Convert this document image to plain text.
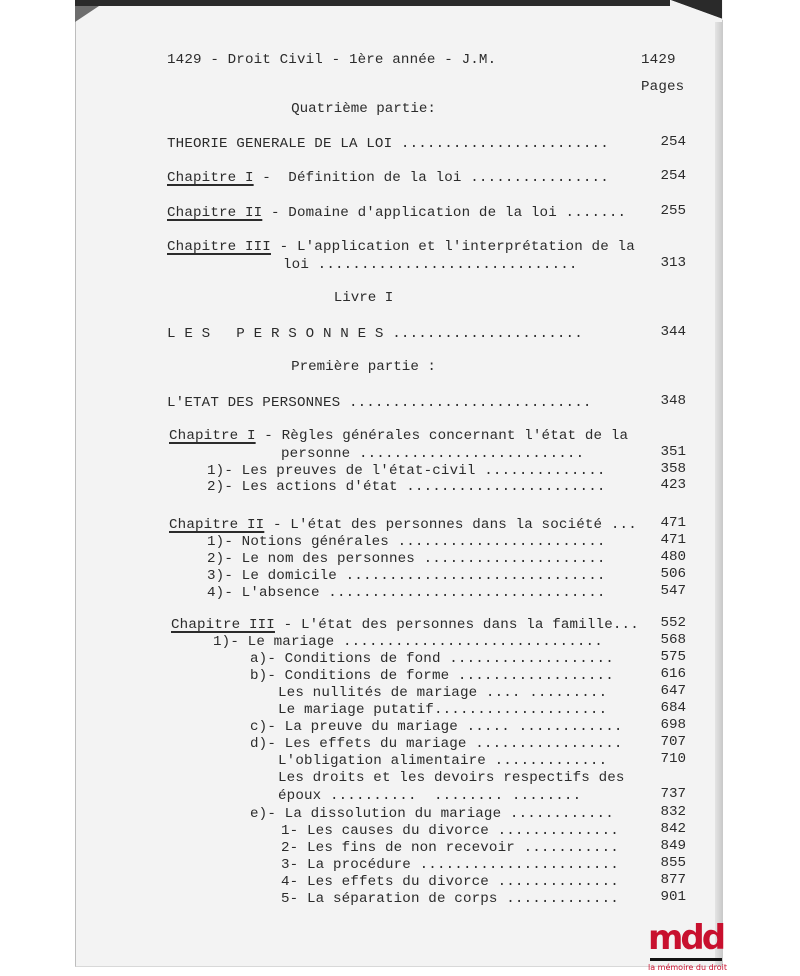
1429 - Droit Civil - 1ère année - J.M.	1429
Pages
Quatrième partie:
THEORIE GENERALE DE LA LOI ........................	254
Chapitre I -  Définition de la loi ................	254
Chapitre II - Domaine d'application de la loi .......	255
Chapitre III - L'application et l'interprétation de la
loi ..............................	313
Livre I
L E S   P E R S O N N E S ......................	344
Première partie :
L'ETAT DES PERSONNES ............................	348
Chapitre I - Règles générales concernant l'état de la
personne ..........................	351
1)- Les preuves de l'état-civil ..............	358
2)- Les actions d'état .......................	423
Chapitre II - L'état des personnes dans la société ...	471
1)- Notions générales ........................	471
2)- Le nom des personnes .....................	480
3)- Le domicile ..............................	506
4)- L'absence ................................	547
Chapitre III - L'état des personnes dans la famille...	552
1)- Le mariage ..............................	568
a)- Conditions de fond ...................	575
b)- Conditions de forme ..................	616
Les nullités de mariage .... .........	647
Le mariage putatif....................	684
c)- La preuve du mariage ..... ............	698
d)- Les effets du mariage .................	707
L'obligation alimentaire .............	710
Les droits et les devoirs respectifs des
époux ..........  ........ ........	737
e)- La dissolution du mariage ............	832
1- Les causes du divorce ..............	842
2- Les fins de non recevoir ...........	849
3- La procédure .......................	855
4- Les effets du divorce ..............	877
5- La séparation de corps .............	901
mdd
la mémoire du droit
